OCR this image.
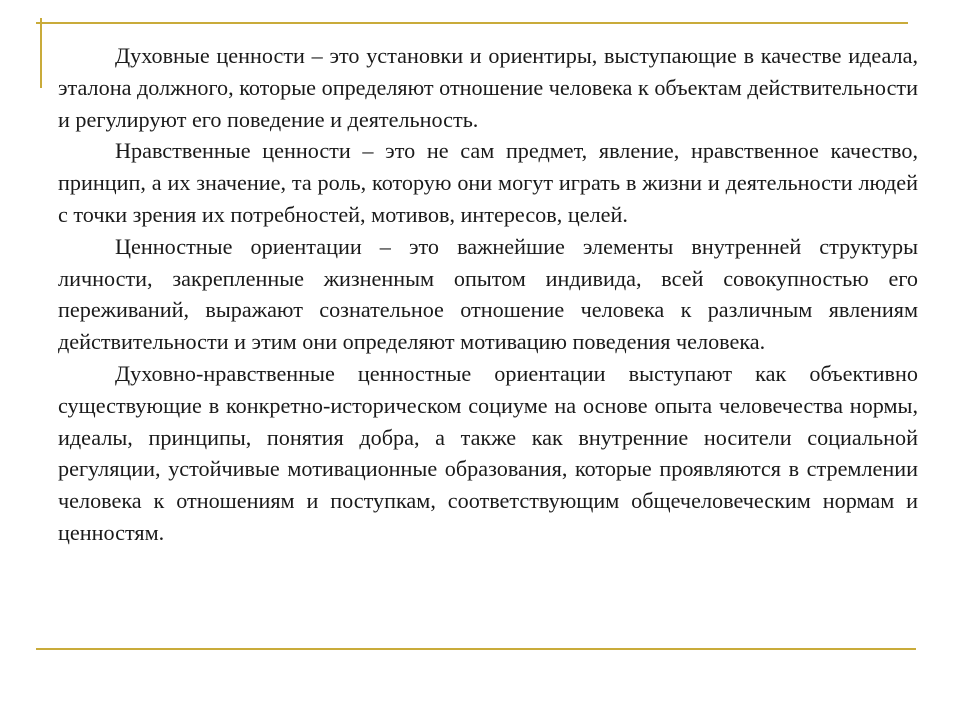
Духовные ценности – это установки и ориентиры, выступающие в качестве идеала, эталона должного, которые определяют отношение человека к объектам действительности и регулируют его поведение и деятельность.

Нравственные ценности – это не сам предмет, явление, нравственное качество, принцип, а их значение, та роль, которую они могут играть в жизни и деятельности людей с точки зрения их потребностей, мотивов, интересов, целей.

Ценностные ориентации – это важнейшие элементы внутренней структуры личности, закрепленные жизненным опытом индивида, всей совокупностью его переживаний, выражают сознательное отношение человека к различным явлениям действительности и этим они определяют мотивацию поведения человека.

Духовно-нравственные ценностные ориентации выступают как объективно существующие в конкретно-историческом социуме на основе опыта человечества нормы, идеалы, принципы, понятия добра, а также как внутренние носители социальной регуляции, устойчивые мотивационные образования, которые проявляются в стремлении человека к отношениям и поступкам, соответствующим общечеловеческим нормам и ценностям.
